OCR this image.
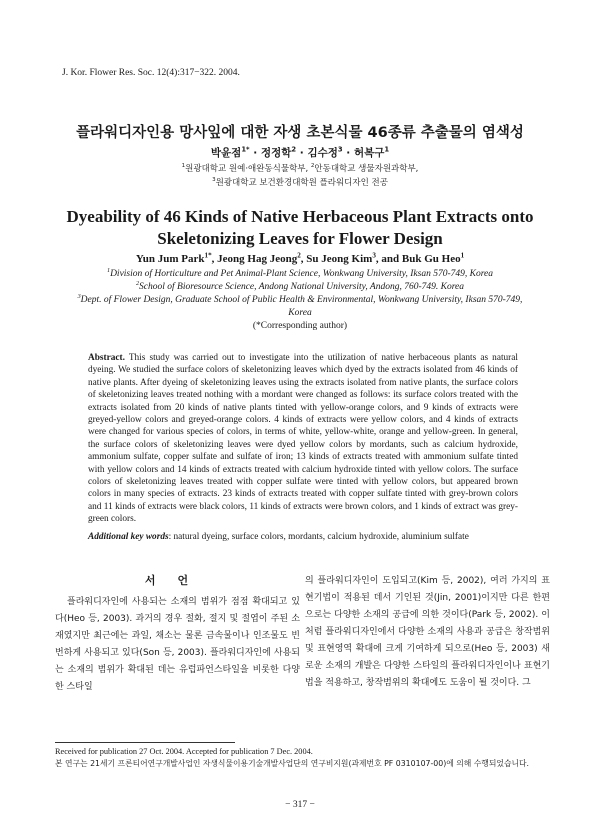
J. Kor. Flower Res. Soc. 12(4):317−322. 2004.
플라워디자인용 망사잎에 대한 자생 초본식물 46종류 추출물의 염색성
박윤점$^{1*}$ · 정정학$^2$ · 김수정$^3$ · 허복구$^1$
$^1$원광대학교 원예·애완동식물학부, $^2$안동대학교 생물자원과학부,
$^3$원광대학교 보건환경대학원 플라워디자인 전공
Dyeability of 46 Kinds of Native Herbaceous Plant Extracts onto Skeletonizing Leaves for Flower Design
Yun Jum Park$^{1*}$, Jeong Hag Jeong$^2$, Su Jeong Kim$^3$, and Buk Gu Heo$^1$
$^1$Division of Horticulture and Pet Animal-Plant Science, Wonkwang University, Iksan 570-749, Korea
$^2$School of Bioresource Science, Andong National University, Andong, 760-749. Korea
$^3$Dept. of Flower Design, Graduate School of Public Health & Environmental, Wonkwang University, Iksan 570-749, Korea
(*Corresponding author)
Abstract. This study was carried out to investigate into the utilization of native herbaceous plants as natural dyeing. We studied the surface colors of skeletonizing leaves which dyed by the extracts isolated from 46 kinds of native plants. After dyeing of skeletonizing leaves using the extracts isolated from native plants, the surface colors of skeletonizing leaves treated nothing with a mordant were changed as follows: its surface colors treated with the extracts isolated from 20 kinds of native plants tinted with yellow-orange colors, and 9 kinds of extracts were greyed-yellow colors and greyed-orange colors. 4 kinds of extracts were yellow colors, and 4 kinds of extracts were changed for various species of colors, in terms of white, yellow-white, orange and yellow-green. In general, the surface colors of skeletonizing leaves were dyed yellow colors by mordants, such as calcium hydroxide, ammonium sulfate, copper sulfate and sulfate of iron; 13 kinds of extracts treated with ammonium sulfate tinted with yellow colors and 14 kinds of extracts treated with calcium hydroxide tinted with yellow colors. The surface colors of skeletonizing leaves treated with copper sulfate were tinted with yellow colors, but appeared brown colors in many species of extracts. 23 kinds of extracts treated with copper sulfate tinted with grey-brown colors and 11 kinds of extracts were black colors, 11 kinds of extracts were brown colors, and 1 kinds of extract was grey-green colors.
Additional key words: natural dyeing, surface colors, mordants, calcium hydroxide, aluminium sulfate
서언

플라워디자인에 사용되는 소재의 범위가 점점 확대되고 있다(Heo 등, 2003). 과거의 경우 절화, 절지 및 절엽이 주된 소재였지만 최근에는 과일, 채소는 물론 금속물이나 인조물도 빈번하게 사용되고 있다(Son 등, 2003). 플라워디자인에 사용되는 소재의 범위가 확대된 데는 유럽파언스타일을 비롯한 다양한 스타일

의 플라워디자인이 도입되고(Kim 등, 2002), 여러 가지의 표현기법이 적용된 데서 기인된 것(Jin, 2001)이지만 다른 한편으로는 다양한 소재의 공급에 의한 것이다(Park 등, 2002). 이처럼 플라워디자인에서 다양한 소재의 사용과 공급은 창작범위 및 표현영역 확대에 크게 기여하게 되으로(Heo 등, 2003) 새로운 소재의 개발은 다양한 스타일의 플라워디자인이나 표현기법을 적용하고, 창작범위의 확대에도 도움이 될 것이다. 그

Received for publication 27 Oct. 2004. Accepted for publication 7 Dec. 2004.
본 연구는 21세기 프론티어연구개발사업인 자생식물이용기술개발사업단의 연구비지원(과제번호 PF 0310107-00)에 의해 수행되었습니다.
− 317 −
